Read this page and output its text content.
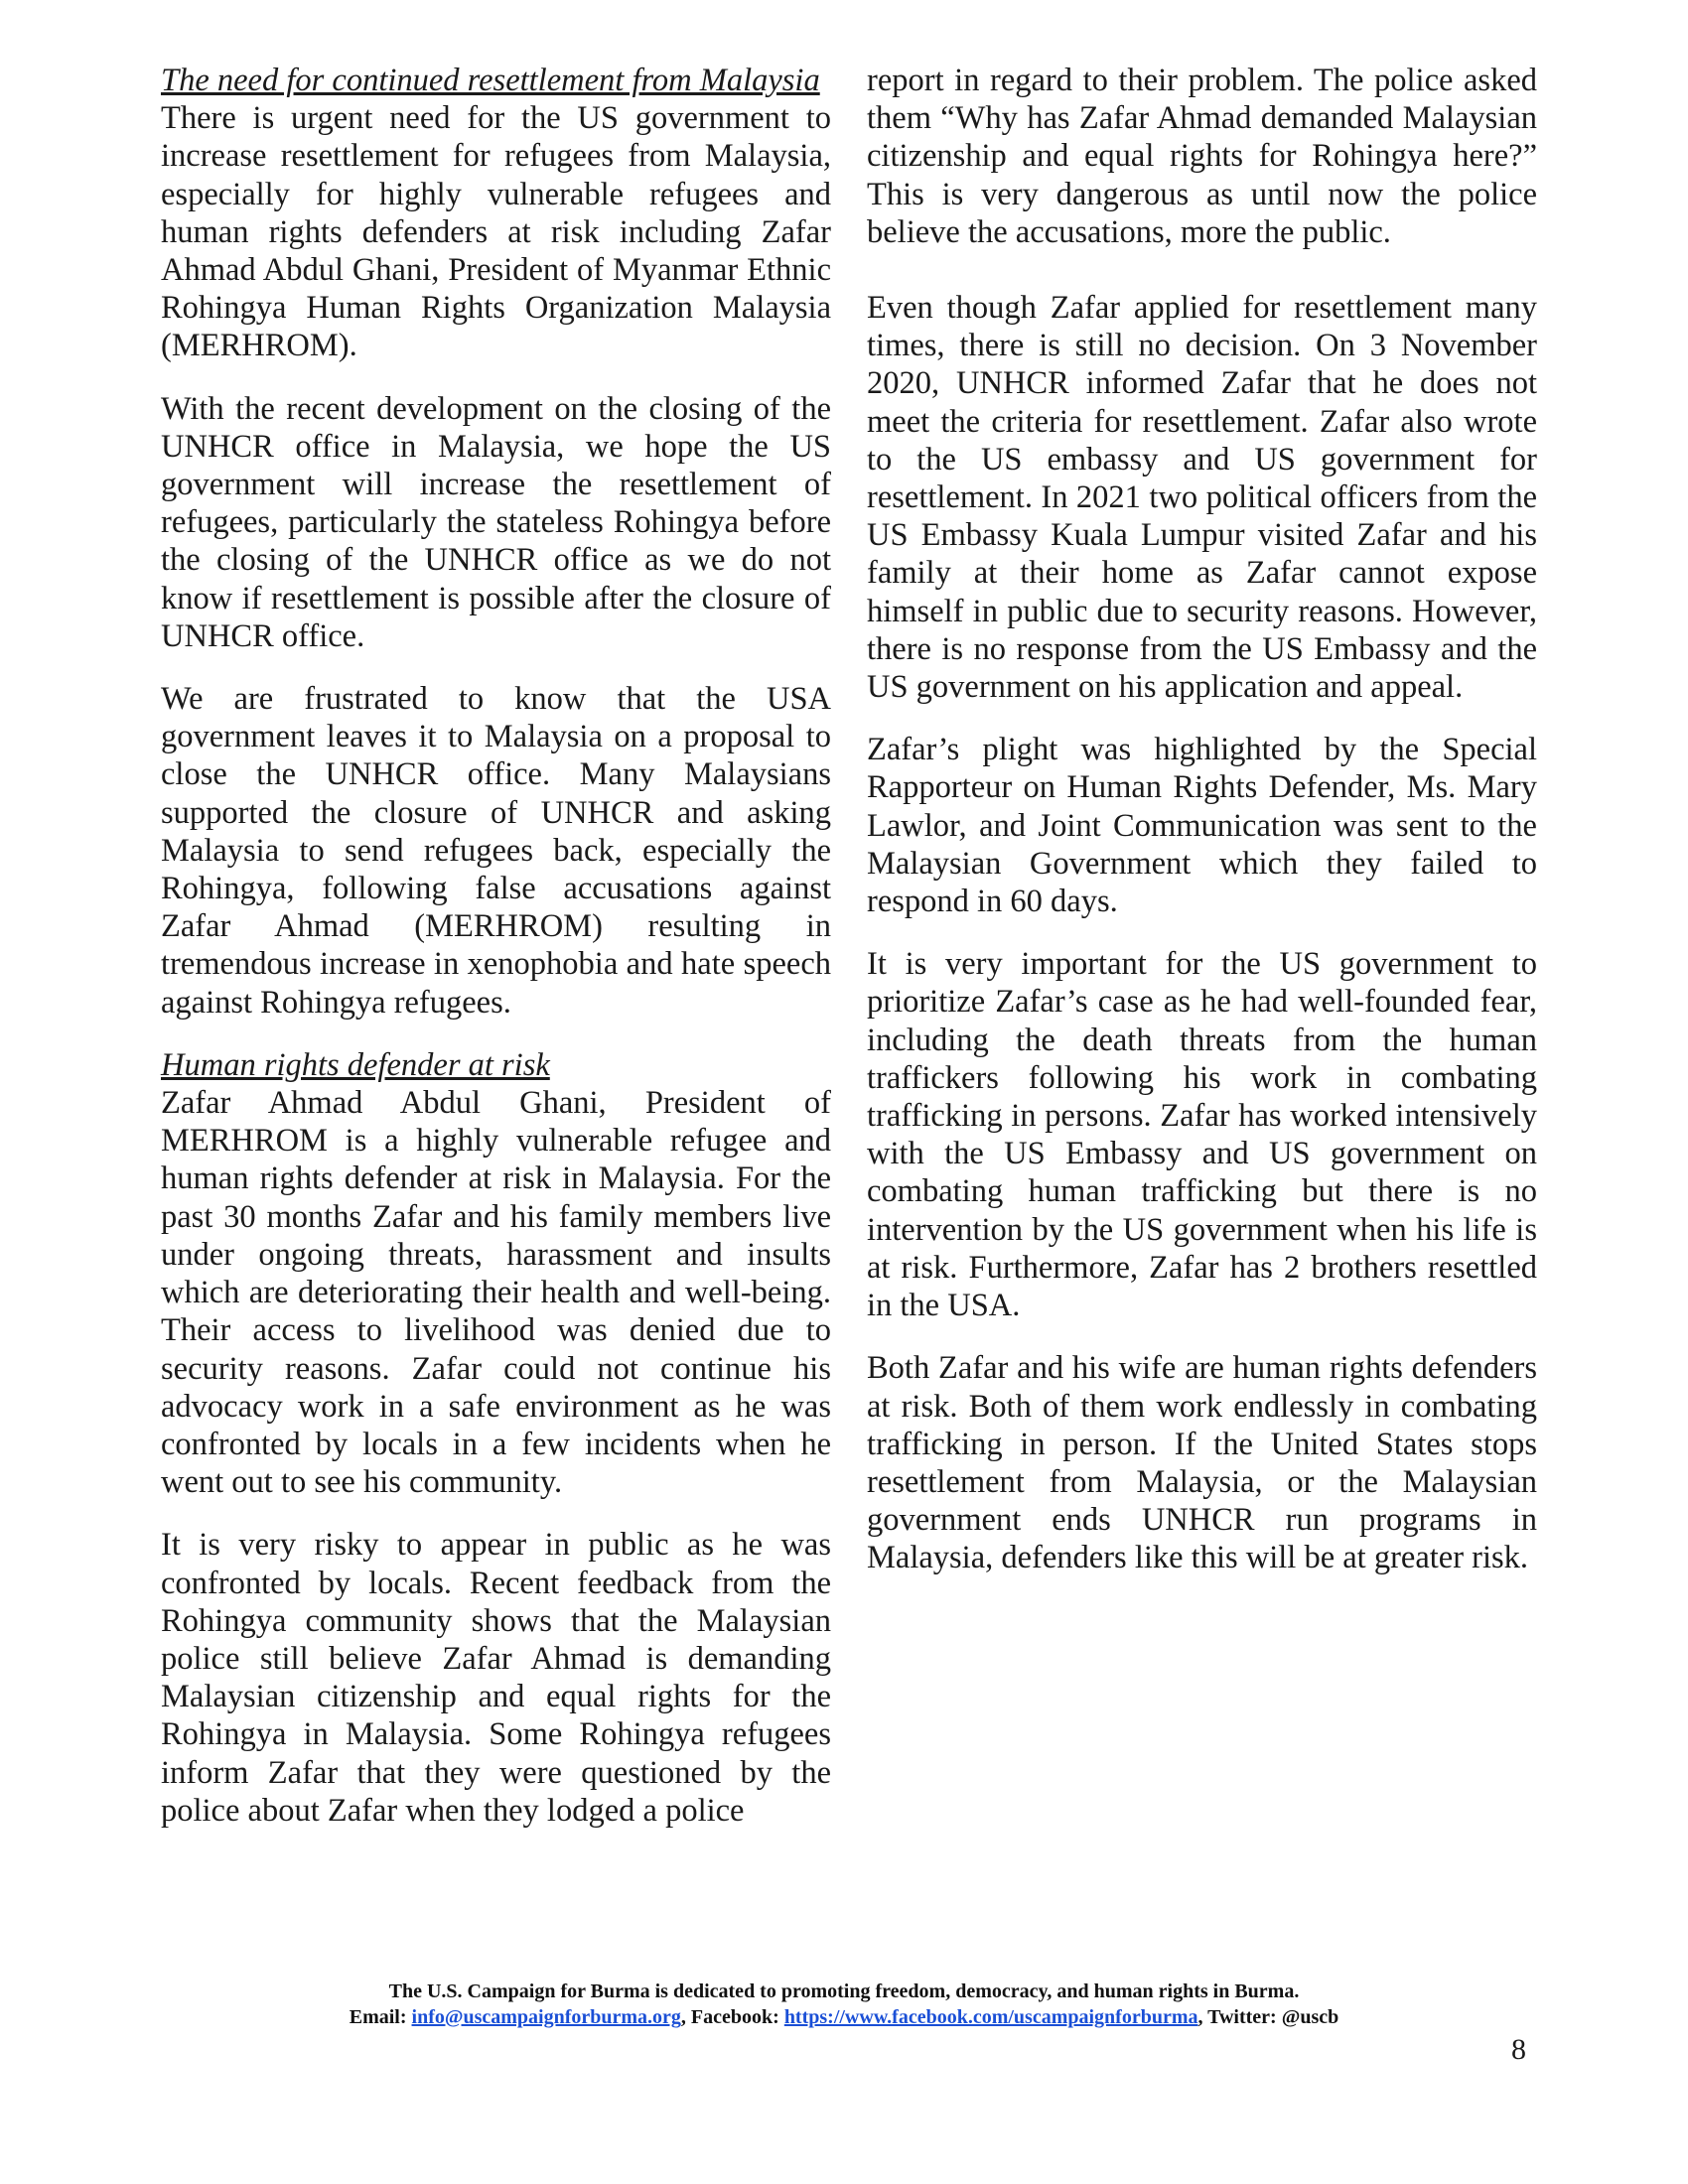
The need for continued resettlement from Malaysia

There is urgent need for the US government to increase resettlement for refugees from Malaysia, especially for highly vulnerable refugees and human rights defenders at risk including Zafar Ahmad Abdul Ghani, President of Myanmar Ethnic Rohingya Human Rights Organization Malaysia (MERHROM).

With the recent development on the closing of the UNHCR office in Malaysia, we hope the US government will increase the resettlement of refugees, particularly the stateless Rohingya before the closing of the UNHCR office as we do not know if resettlement is possible after the closure of UNHCR office.

We are frustrated to know that the USA government leaves it to Malaysia on a proposal to close the UNHCR office. Many Malaysians supported the closure of UNHCR and asking Malaysia to send refugees back, especially the Rohingya, following false accusations against Zafar Ahmad (MERHROM) resulting in tremendous increase in xenophobia and hate speech against Rohingya refugees.

Human rights defender at risk

Zafar Ahmad Abdul Ghani, President of MERHROM is a highly vulnerable refugee and human rights defender at risk in Malaysia. For the past 30 months Zafar and his family members live under ongoing threats, harassment and insults which are deteriorating their health and well-being. Their access to livelihood was denied due to security reasons. Zafar could not continue his advocacy work in a safe environment as he was confronted by locals in a few incidents when he went out to see his community.

It is very risky to appear in public as he was confronted by locals. Recent feedback from the Rohingya community shows that the Malaysian police still believe Zafar Ahmad is demanding Malaysian citizenship and equal rights for the Rohingya in Malaysia. Some Rohingya refugees inform Zafar that they were questioned by the police about Zafar when they lodged a police

report in regard to their problem. The police asked them “Why has Zafar Ahmad demanded Malaysian citizenship and equal rights for Rohingya here?” This is very dangerous as until now the police believe the accusations, more the public.

Even though Zafar applied for resettlement many times, there is still no decision. On 3 November 2020, UNHCR informed Zafar that he does not meet the criteria for resettlement. Zafar also wrote to the US embassy and US government for resettlement. In 2021 two political officers from the US Embassy Kuala Lumpur visited Zafar and his family at their home as Zafar cannot expose himself in public due to security reasons. However, there is no response from the US Embassy and the US government on his application and appeal.

Zafar’s plight was highlighted by the Special Rapporteur on Human Rights Defender, Ms. Mary Lawlor, and Joint Communication was sent to the Malaysian Government which they failed to respond in 60 days.

It is very important for the US government to prioritize Zafar’s case as he had well-founded fear, including the death threats from the human traffickers following his work in combating trafficking in persons. Zafar has worked intensively with the US Embassy and US government on combating human trafficking but there is no intervention by the US government when his life is at risk. Furthermore, Zafar has 2 brothers resettled in the USA.

Both Zafar and his wife are human rights defenders at risk. Both of them work endlessly in combating trafficking in person. If the United States stops resettlement from Malaysia, or the Malaysian government ends UNHCR run programs in Malaysia, defenders like this will be at greater risk.

The U.S. Campaign for Burma is dedicated to promoting freedom, democracy, and human rights in Burma.
Email: info@uscampaignforburma.org, Facebook: https://www.facebook.com/uscampaignforburma, Twitter: @uscb
8
